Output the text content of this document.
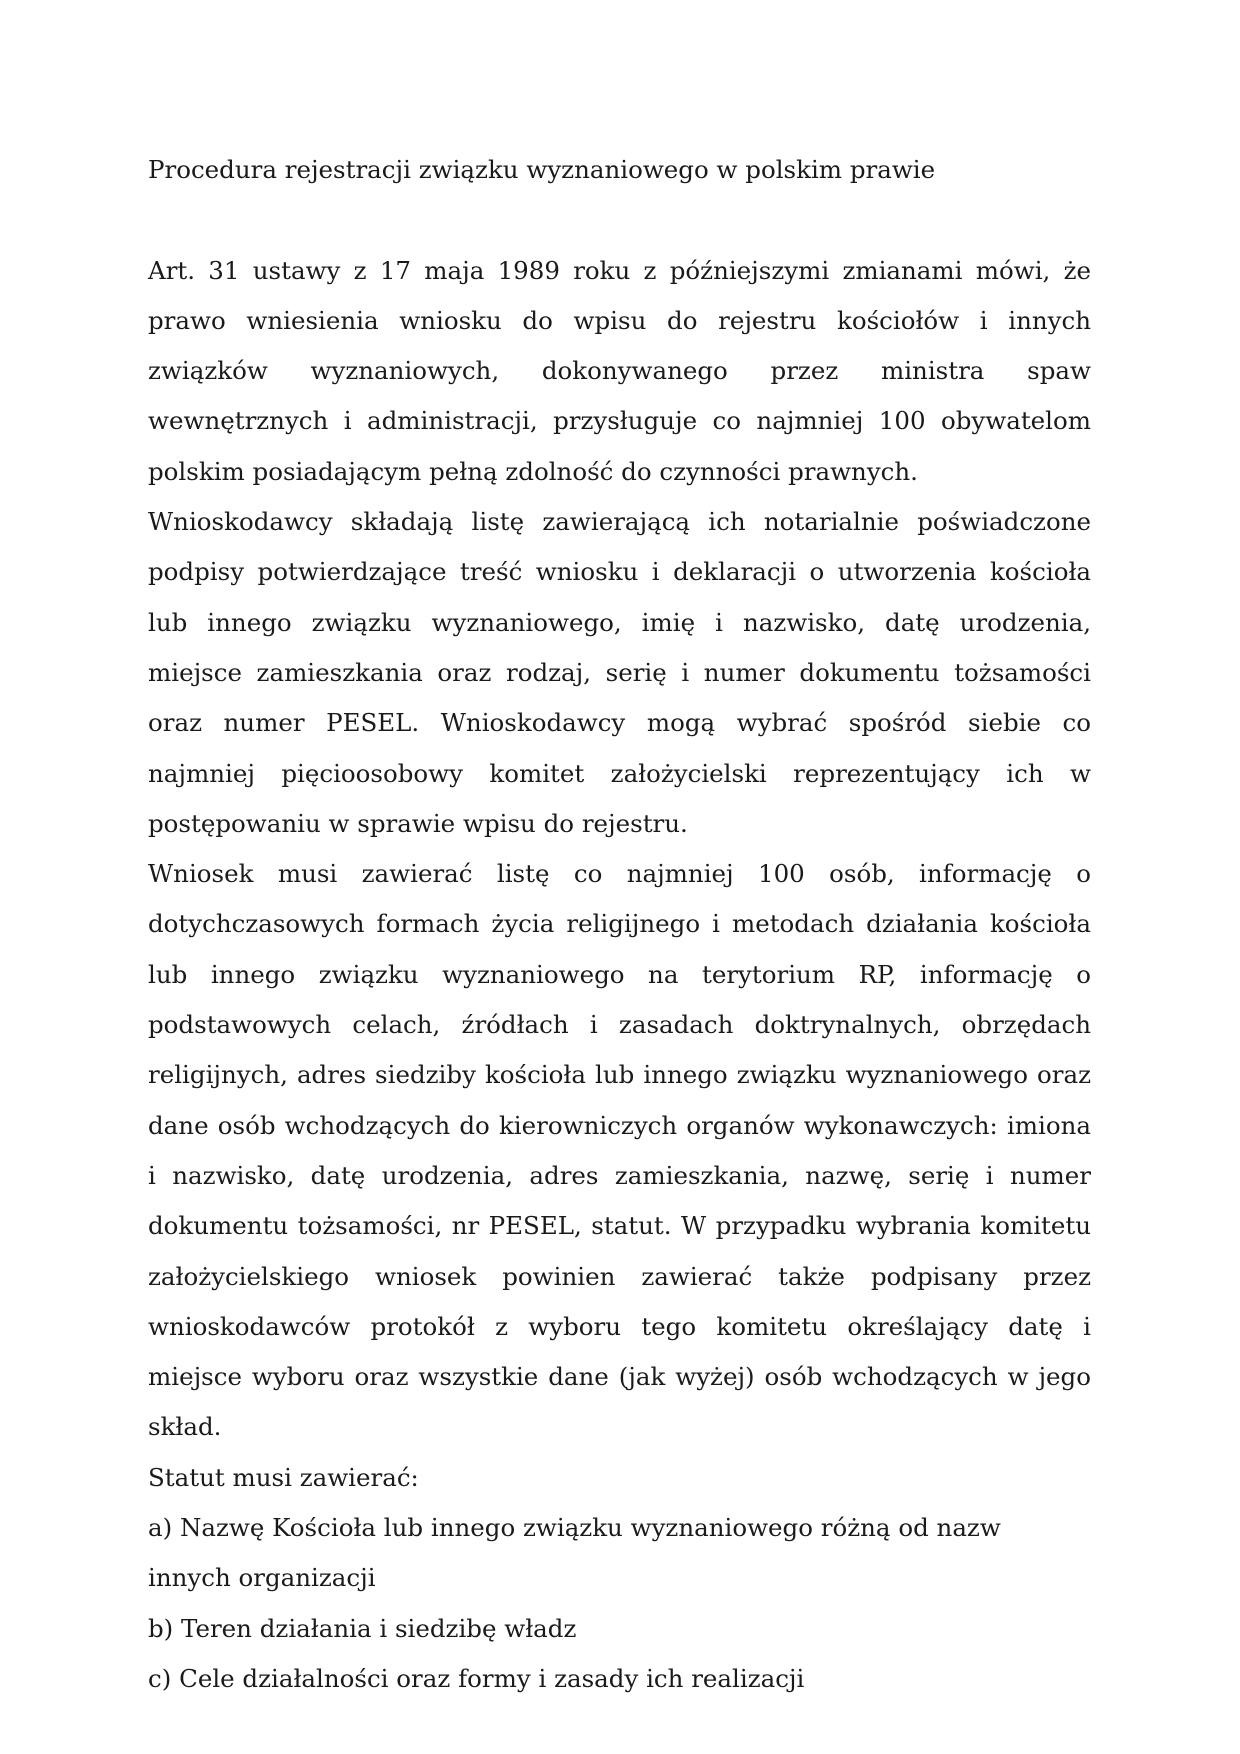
Procedura rejestracji związku wyznaniowego w polskim prawie

Art. 31 ustawy z 17 maja 1989 roku z późniejszymi zmianami mówi, że prawo wniesienia wniosku do wpisu do rejestru kościołów i innych związków wyznaniowych, dokonywanego przez ministra spaw wewnętrznych i administracji, przysługuje co najmniej 100 obywatelom polskim posiadającym pełną zdolność do czynności prawnych.

Wnioskodawcy składają listę zawierającą ich notarialnie poświadczone podpisy potwierdzające treść wniosku i deklaracji o utworzenia kościoła lub innego związku wyznaniowego, imię i nazwisko, datę urodzenia, miejsce zamieszkania oraz rodzaj, serię i numer dokumentu tożsamości oraz numer PESEL. Wnioskodawcy mogą wybrać spośród siebie co najmniej pięcioosobowy komitet założycielski reprezentujący ich w postępowaniu w sprawie wpisu do rejestru.

Wniosek musi zawierać listę co najmniej 100 osób, informację o dotychczasowych formach życia religijnego i metodach działania kościoła lub innego związku wyznaniowego na terytorium RP, informację o podstawowych celach, źródłach i zasadach doktrynalnych, obrzędach religijnych, adres siedziby kościoła lub innego związku wyznaniowego oraz dane osób wchodzących do kierowniczych organów wykonawczych: imiona i nazwisko, datę urodzenia, adres zamieszkania, nazwę, serię i numer dokumentu tożsamości, nr PESEL, statut. W przypadku wybrania komitetu założycielskiego wniosek powinien zawierać także podpisany przez wnioskodawców protokół z wyboru tego komitetu określający datę i miejsce wyboru oraz wszystkie dane (jak wyżej) osób wchodzących w jego skład.

Statut musi zawierać:

a) Nazwę Kościoła lub innego związku wyznaniowego różną od nazw innych organizacji
b) Teren działania i siedzibę władz
c) Cele działalności oraz formy i zasady ich realizacji
